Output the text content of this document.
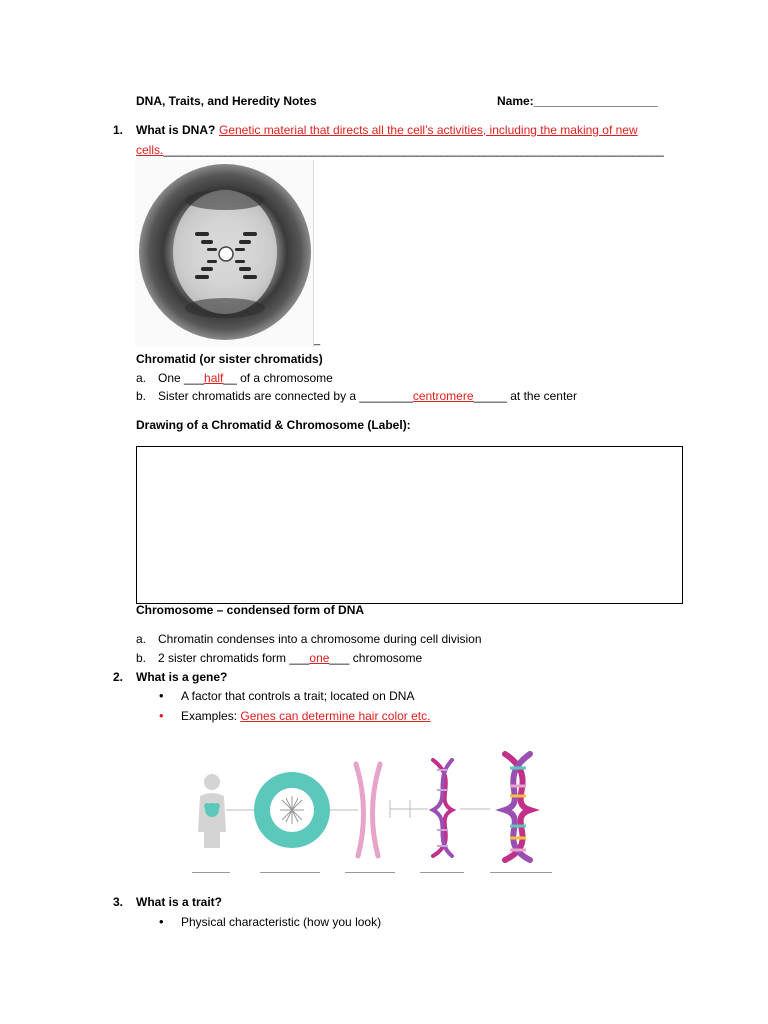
DNA, Traits, and Heredity Notes	Name:____________________
1. What is DNA? Genetic material that directs all the cell’s activities, including the making of new
cells._________________________________________________________________________________
_
Chromatid (or sister chromatids)
a. One ___half__ of a chromosome
b. Sister chromatids are connected by a ________centromere_____ at the center
Drawing of a Chromatid & Chromosome (Label):
Chromosome – condensed form of DNA
a. Chromatin condenses into a chromosome during cell division
b. 2 sister chromatids form ___one___ chromosome
2. What is a gene?
• A factor that controls a trait; located on DNA
• Examples: Genes can determine hair color etc.
3. What is a trait?
• Physical characteristic (how you look)
